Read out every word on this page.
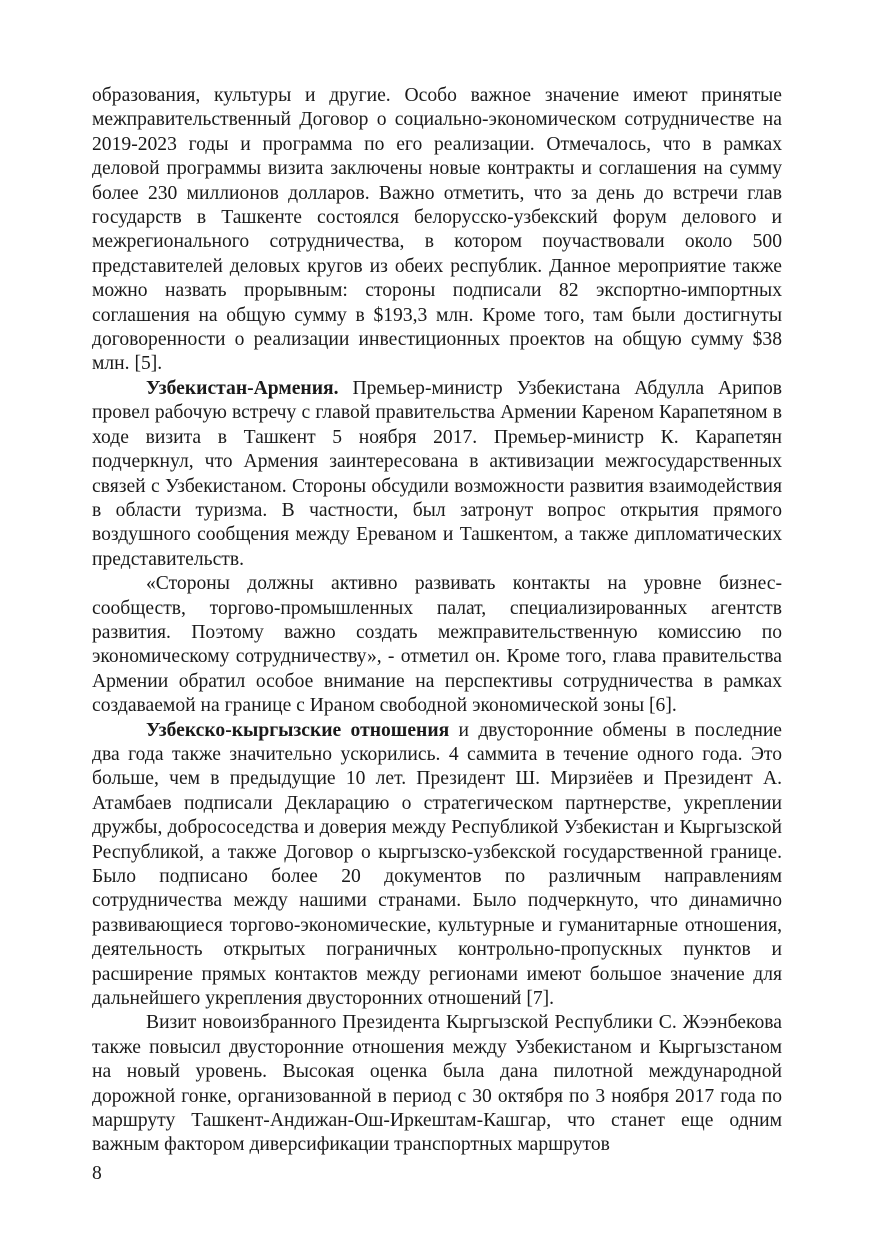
образования, культуры и другие. Особо важное значение имеют принятые межправительственный Договор о социально-экономическом сотрудничестве на 2019-2023 годы и программа по его реализации. Отмечалось, что в рамках деловой программы визита заключены новые контракты и соглашения на сумму более 230 миллионов долларов. Важно отметить, что за день до встречи глав государств в Ташкенте состоялся белорусско-узбекский форум делового и межрегионального сотрудничества, в котором поучаствовали около 500 представителей деловых кругов из обеих республик. Данное мероприятие также можно назвать прорывным: стороны подписали 82 экспортно-импортных соглашения на общую сумму в $193,3 млн. Кроме того, там были достигнуты договоренности о реализации инвестиционных проектов на общую сумму $38 млн. [5].

Узбекистан-Армения. Премьер-министр Узбекистана Абдулла Арипов провел рабочую встречу с главой правительства Армении Кареном Карапетяном в ходе визита в Ташкент 5 ноября 2017. Премьер-министр К. Карапетян подчеркнул, что Армения заинтересована в активизации межгосударственных связей с Узбекистаном. Стороны обсудили возможности развития взаимодействия в области туризма. В частности, был затронут вопрос открытия прямого воздушного сообщения между Ереваном и Ташкентом, а также дипломатических представительств.

«Стороны должны активно развивать контакты на уровне бизнес-сообществ, торгово-промышленных палат, специализированных агентств развития. Поэтому важно создать межправительственную комиссию по экономическому сотрудничеству», - отметил он. Кроме того, глава правительства Армении обратил особое внимание на перспективы сотрудничества в рамках создаваемой на границе с Ираном свободной экономической зоны [6].

Узбекско-кыргызские отношения и двусторонние обмены в последние два года также значительно ускорились. 4 саммита в течение одного года. Это больше, чем в предыдущие 10 лет. Президент Ш. Мирзиёев и Президент А. Атамбаев подписали Декларацию о стратегическом партнерстве, укреплении дружбы, добрососедства и доверия между Республикой Узбекистан и Кыргызской Республикой, а также Договор о кыргызско-узбекской государственной границе. Было подписано более 20 документов по различным направлениям сотрудничества между нашими странами. Было подчеркнуто, что динамично развивающиеся торгово-экономические, культурные и гуманитарные отношения, деятельность открытых пограничных контрольно-пропускных пунктов и расширение прямых контактов между регионами имеют большое значение для дальнейшего укрепления двусторонних отношений [7].

Визит новоизбранного Президента Кыргызской Республики С. Жээнбекова также повысил двусторонние отношения между Узбекистаном и Кыргызстаном на новый уровень. Высокая оценка была дана пилотной международной дорожной гонке, организованной в период с 30 октября по 3 ноября 2017 года по маршруту Ташкент-Андижан-Ош-Иркештам-Кашгар, что станет еще одним важным фактором диверсификации транспортных маршрутов

8
